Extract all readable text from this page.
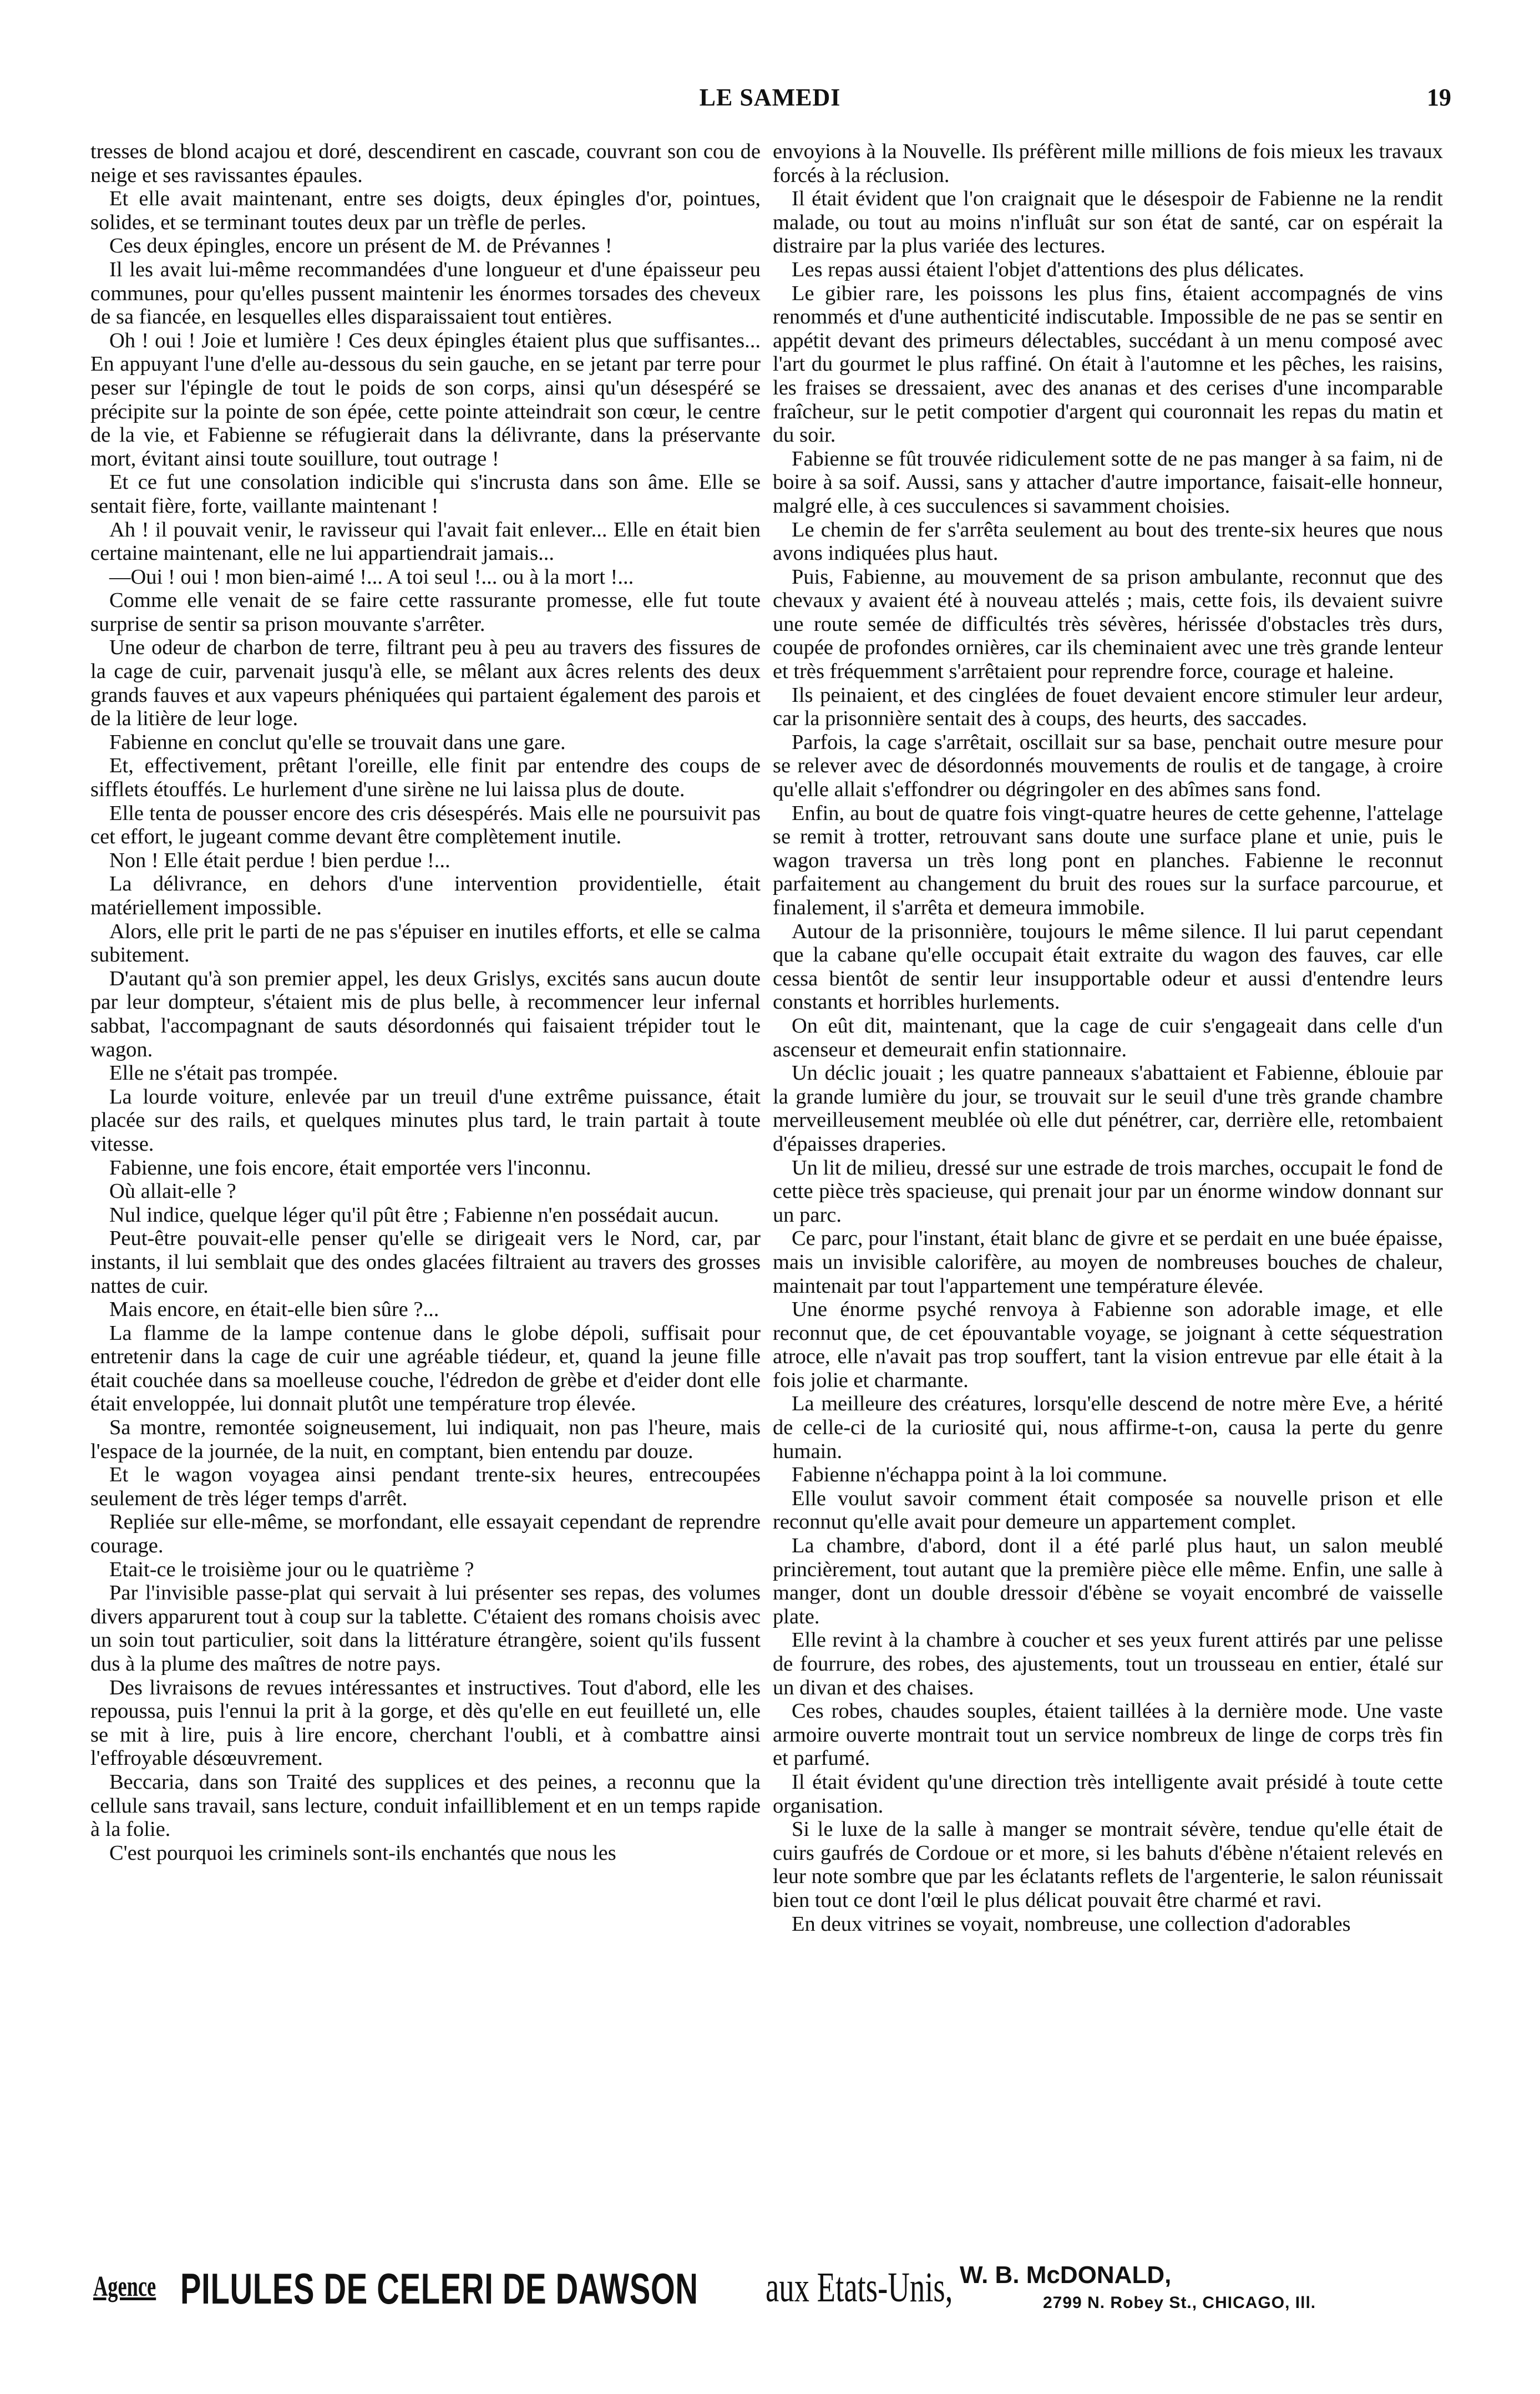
LE SAMEDI	19

tresses de blond acajou et doré, descendirent en cascade, couvrant son cou de neige et ses ravissantes épaules.

Et elle avait maintenant, entre ses doigts, deux épingles d'or, pointues, solides, et se terminant toutes deux par un trèfle de perles.

Ces deux épingles, encore un présent de M. de Prévannes !

Il les avait lui-même recommandées d'une longueur et d'une épaisseur peu communes, pour qu'elles pussent maintenir les énormes torsades des cheveux de sa fiancée, en lesquelles elles disparaissaient tout entières.

Oh ! oui ! Joie et lumière ! Ces deux épingles étaient plus que suffisantes... En appuyant l'une d'elle au-dessous du sein gauche, en se jetant par terre pour peser sur l'épingle de tout le poids de son corps, ainsi qu'un désespéré se précipite sur la pointe de son épée, cette pointe atteindrait son cœur, le centre de la vie, et Fabienne se réfugierait dans la délivrante, dans la préservante mort, évitant ainsi toute souillure, tout outrage !

Et ce fut une consolation indicible qui s'incrusta dans son âme. Elle se sentait fière, forte, vaillante maintenant !

Ah ! il pouvait venir, le ravisseur qui l'avait fait enlever... Elle en était bien certaine maintenant, elle ne lui appartiendrait jamais...

—Oui ! oui ! mon bien-aimé !... A toi seul !... ou à la mort !...

Comme elle venait de se faire cette rassurante promesse, elle fut toute surprise de sentir sa prison mouvante s'arrêter.

Une odeur de charbon de terre, filtrant peu à peu au travers des fissures de la cage de cuir, parvenait jusqu'à elle, se mêlant aux âcres relents des deux grands fauves et aux vapeurs phéniquées qui partaient également des parois et de la litière de leur loge.

Fabienne en conclut qu'elle se trouvait dans une gare.

Et, effectivement, prêtant l'oreille, elle finit par entendre des coups de sifflets étouffés. Le hurlement d'une sirène ne lui laissa plus de doute.

Elle tenta de pousser encore des cris désespérés. Mais elle ne poursuivit pas cet effort, le jugeant comme devant être complètement inutile.

Non ! Elle était perdue ! bien perdue !...

La délivrance, en dehors d'une intervention providentielle, était matériellement impossible.

Alors, elle prit le parti de ne pas s'épuiser en inutiles efforts, et elle se calma subitement.

D'autant qu'à son premier appel, les deux Grislys, excités sans aucun doute par leur dompteur, s'étaient mis de plus belle, à recommencer leur infernal sabbat, l'accompagnant de sauts désordonnés qui faisaient trépider tout le wagon.

Elle ne s'était pas trompée.

La lourde voiture, enlevée par un treuil d'une extrême puissance, était placée sur des rails, et quelques minutes plus tard, le train partait à toute vitesse.

Fabienne, une fois encore, était emportée vers l'inconnu.

Où allait-elle ?

Nul indice, quelque léger qu'il pût être ; Fabienne n'en possédait aucun.

Peut-être pouvait-elle penser qu'elle se dirigeait vers le Nord, car, par instants, il lui semblait que des ondes glacées filtraient au travers des grosses nattes de cuir.

Mais encore, en était-elle bien sûre ?...

La flamme de la lampe contenue dans le globe dépoli, suffisait pour entretenir dans la cage de cuir une agréable tiédeur, et, quand la jeune fille était couchée dans sa moelleuse couche, l'édredon de grèbe et d'eider dont elle était enveloppée, lui donnait plutôt une température trop élevée.

Sa montre, remontée soigneusement, lui indiquait, non pas l'heure, mais l'espace de la journée, de la nuit, en comptant, bien entendu par douze.

Et le wagon voyagea ainsi pendant trente-six heures, entrecoupées seulement de très léger temps d'arrêt.

Repliée sur elle-même, se morfondant, elle essayait cependant de reprendre courage.

Etait-ce le troisième jour ou le quatrième ?

Par l'invisible passe-plat qui servait à lui présenter ses repas, des volumes divers apparurent tout à coup sur la tablette. C'étaient des romans choisis avec un soin tout particulier, soit dans la littérature étrangère, soient qu'ils fussent dus à la plume des maîtres de notre pays.

Des livraisons de revues intéressantes et instructives. Tout d'abord, elle les repoussa, puis l'ennui la prit à la gorge, et dès qu'elle en eut feuilleté un, elle se mit à lire, puis à lire encore, cherchant l'oubli, et à combattre ainsi l'effroyable désœuvrement.

Beccaria, dans son Traité des supplices et des peines, a reconnu que la cellule sans travail, sans lecture, conduit infailliblement et en un temps rapide à la folie.

C'est pourquoi les criminels sont-ils enchantés que nous les

envoyions à la Nouvelle. Ils préfèrent mille millions de fois mieux les travaux forcés à la réclusion.

Il était évident que l'on craignait que le désespoir de Fabienne ne la rendit malade, ou tout au moins n'influât sur son état de santé, car on espérait la distraire par la plus variée des lectures.

Les repas aussi étaient l'objet d'attentions des plus délicates.

Le gibier rare, les poissons les plus fins, étaient accompagnés de vins renommés et d'une authenticité indiscutable. Impossible de ne pas se sentir en appétit devant des primeurs délectables, succédant à un menu composé avec l'art du gourmet le plus raffiné. On était à l'automne et les pêches, les raisins, les fraises se dressaient, avec des ananas et des cerises d'une incomparable fraîcheur, sur le petit compotier d'argent qui couronnait les repas du matin et du soir.

Fabienne se fût trouvée ridiculement sotte de ne pas manger à sa faim, ni de boire à sa soif. Aussi, sans y attacher d'autre importance, faisait-elle honneur, malgré elle, à ces succulences si savamment choisies.

Le chemin de fer s'arrêta seulement au bout des trente-six heures que nous avons indiquées plus haut.

Puis, Fabienne, au mouvement de sa prison ambulante, reconnut que des chevaux y avaient été à nouveau attelés ; mais, cette fois, ils devaient suivre une route semée de difficultés très sévères, hérissée d'obstacles très durs, coupée de profondes ornières, car ils cheminaient avec une très grande lenteur et très fréquemment s'arrêtaient pour reprendre force, courage et haleine.

Ils peinaient, et des cinglées de fouet devaient encore stimuler leur ardeur, car la prisonnière sentait des à coups, des heurts, des saccades.

Parfois, la cage s'arrêtait, oscillait sur sa base, penchait outre mesure pour se relever avec de désordonnés mouvements de roulis et de tangage, à croire qu'elle allait s'effondrer ou dégringoler en des abîmes sans fond.

Enfin, au bout de quatre fois vingt-quatre heures de cette gehenne, l'attelage se remit à trotter, retrouvant sans doute une surface plane et unie, puis le wagon traversa un très long pont en planches. Fabienne le reconnut parfaitement au changement du bruit des roues sur la surface parcourue, et finalement, il s'arrêta et demeura immobile.

Autour de la prisonnière, toujours le même silence. Il lui parut cependant que la cabane qu'elle occupait était extraite du wagon des fauves, car elle cessa bientôt de sentir leur insupportable odeur et aussi d'entendre leurs constants et horribles hurlements.

On eût dit, maintenant, que la cage de cuir s'engageait dans celle d'un ascenseur et demeurait enfin stationnaire.

Un déclic jouait ; les quatre panneaux s'abattaient et Fabienne, éblouie par la grande lumière du jour, se trouvait sur le seuil d'une très grande chambre merveilleusement meublée où elle dut pénétrer, car, derrière elle, retombaient d'épaisses draperies.

Un lit de milieu, dressé sur une estrade de trois marches, occupait le fond de cette pièce très spacieuse, qui prenait jour par un énorme window donnant sur un parc.

Ce parc, pour l'instant, était blanc de givre et se perdait en une buée épaisse, mais un invisible calorifère, au moyen de nombreuses bouches de chaleur, maintenait par tout l'appartement une température élevée.

Une énorme psyché renvoya à Fabienne son adorable image, et elle reconnut que, de cet épouvantable voyage, se joignant à cette séquestration atroce, elle n'avait pas trop souffert, tant la vision entrevue par elle était à la fois jolie et charmante.

La meilleure des créatures, lorsqu'elle descend de notre mère Eve, a hérité de celle-ci de la curiosité qui, nous affirme-t-on, causa la perte du genre humain.

Fabienne n'échappa point à la loi commune.

Elle voulut savoir comment était composée sa nouvelle prison et elle reconnut qu'elle avait pour demeure un appartement complet.

La chambre, d'abord, dont il a été parlé plus haut, un salon meublé princièrement, tout autant que la première pièce elle même. Enfin, une salle à manger, dont un double dressoir d'ébène se voyait encombré de vaisselle plate.

Elle revint à la chambre à coucher et ses yeux furent attirés par une pelisse de fourrure, des robes, des ajustements, tout un trousseau en entier, étalé sur un divan et des chaises.

Ces robes, chaudes souples, étaient taillées à la dernière mode. Une vaste armoire ouverte montrait tout un service nombreux de linge de corps très fin et parfumé.

Il était évident qu'une direction très intelligente avait présidé à toute cette organisation.

Si le luxe de la salle à manger se montrait sévère, tendue qu'elle était de cuirs gaufrés de Cordoue or et more, si les bahuts d'ébène n'étaient relevés en leur note sombre que par les éclatants reflets de l'argenterie, le salon réunissait bien tout ce dont l'œil le plus délicat pouvait être charmé et ravi.

En deux vitrines se voyait, nombreuse, une collection d'adorables

Agence PILULES DE CELERI DE DAWSON aux Etats-Unis, W. B. McDONALD,
2799 N. Robey St., CHICAGO, Ill.
